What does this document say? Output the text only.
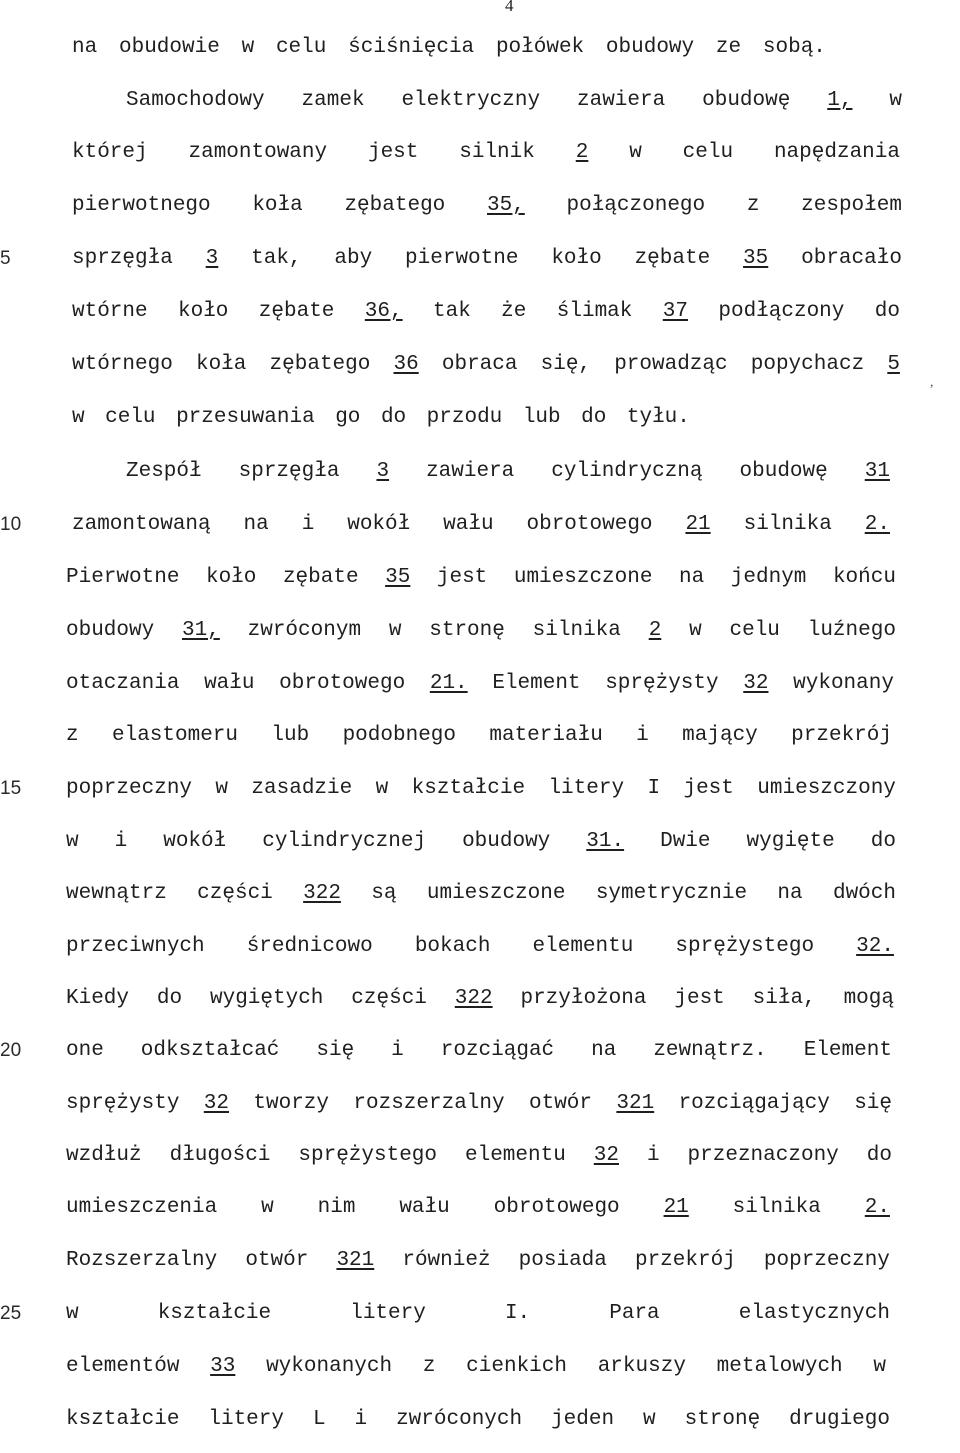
4
,
na obudowie w celu ściśnięcia połówek obudowy ze sobą.
Samochodowy zamek elektryczny zawiera obudowę 1, w
której zamontowany jest silnik 2 w celu napędzania
pierwotnego koła zębatego 35, połączonego z zespołem
5	sprzęgła 3 tak, aby pierwotne koło zębate 35 obracało
wtórne koło zębate 36, tak że ślimak 37 podłączony do
wtórnego koła zębatego 36 obraca się, prowadząc popychacz 5
w celu przesuwania go do przodu lub do tyłu.
Zespół sprzęgła 3 zawiera cylindryczną obudowę 31
10 zamontowaną na i wokół wału obrotowego 21 silnika 2.
Pierwotne koło zębate 35 jest umieszczone na jednym końcu
obudowy 31, zwróconym w stronę silnika 2 w celu luźnego
otaczania wału obrotowego 21. Element sprężysty 32 wykonany
z elastomeru lub podobnego materiału i mający przekrój
15 poprzeczny w zasadzie w kształcie litery I jest umieszczony
w i wokół cylindrycznej obudowy 31. Dwie wygięte do
wewnątrz części 322 są umieszczone symetrycznie na dwóch
przeciwnych średnicowo bokach elementu sprężystego 32.
Kiedy do wygiętych części 322 przyłożona jest siła, mogą
20 one odkształcać się i rozciągać na zewnątrz. Element
sprężysty 32 tworzy rozszerzalny otwór 321 rozciągający się
wzdłuż długości sprężystego elementu 32 i przeznaczony do
umieszczenia w nim wału obrotowego 21 silnika 2.
Rozszerzalny otwór 321 również posiada przekrój poprzeczny
25 w	kształcie	litery	I.	Para	elastycznych
elementów 33 wykonanych z cienkich arkuszy metalowych w
kształcie litery L i zwróconych jeden w stronę drugiego
